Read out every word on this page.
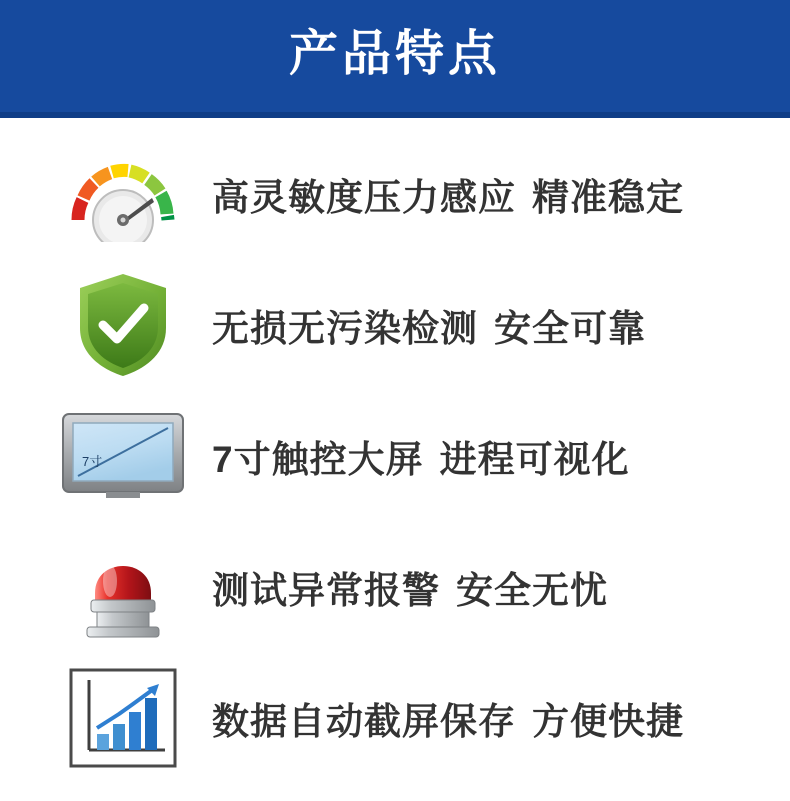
产品特点
高灵敏度压力感应 精准稳定
无损无污染检测 安全可靠
7寸	7寸触控大屏 进程可视化
测试异常报警 安全无忧
数据自动截屏保存 方便快捷
